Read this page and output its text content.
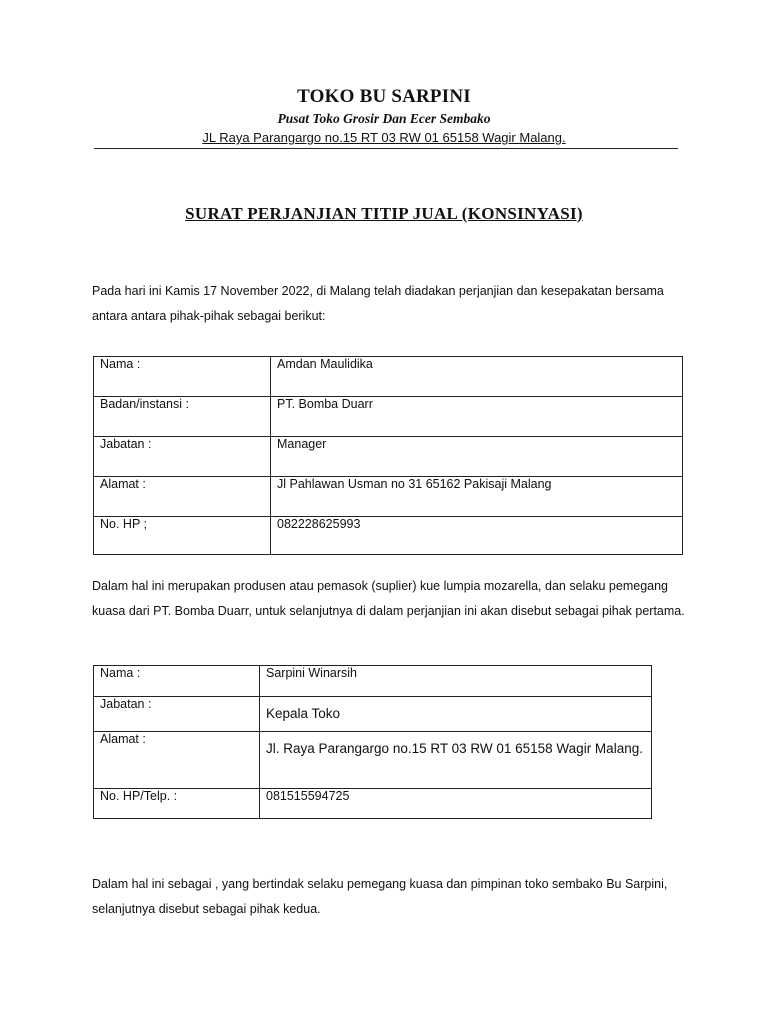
TOKO BU SARPINI
Pusat Toko Grosir Dan Ecer Sembako
JL Raya Parangargo no.15 RT 03 RW 01 65158 Wagir Malang.
SURAT PERJANJIAN TITIP JUAL (KONSINYASI)

Pada hari ini Kamis 17 November 2022, di Malang telah diadakan perjanjian dan kesepakatan bersama antara antara pihak-pihak sebagai berikut:

Nama :	Amdan Maulidika
Badan/instansi :	PT. Bomba Duarr
Jabatan :	Manager
Alamat :	Jl Pahlawan Usman no 31 65162 Pakisaji Malang
No. HP ;	082228625993

Dalam hal ini merupakan produsen atau pemasok (suplier) kue lumpia mozarella, dan selaku pemegang kuasa dari PT. Bomba Duarr, untuk selanjutnya di dalam perjanjian ini akan disebut sebagai pihak pertama.

Nama :	Sarpini Winarsih
Jabatan :	Kepala Toko
Alamat :	Jl. Raya Parangargo no.15 RT 03 RW 01 65158 Wagir Malang.
No. HP/Telp. :	081515594725

Dalam hal ini sebagai , yang bertindak selaku pemegang kuasa dan pimpinan toko sembako Bu Sarpini, selanjutnya disebut sebagai pihak kedua.
